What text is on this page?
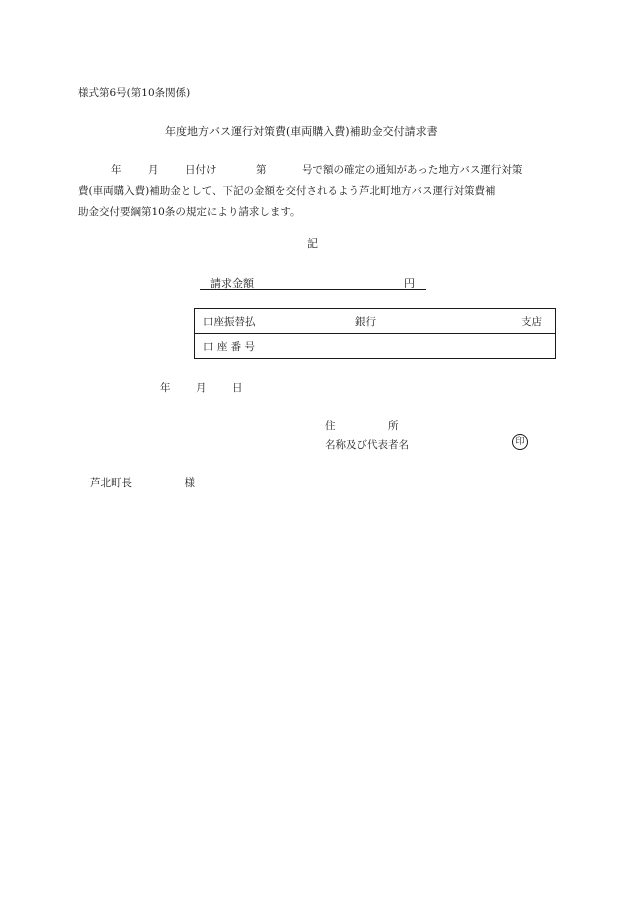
様式第6号(第10条関係)
年度地方バス運行対策費(車両購入費)補助金交付請求書
年	月	日付け	第	号で額の確定の通知があった地方バス運行対策
費(車両購入費)補助金として、下記の金額を交付されるよう芦北町地方バス運行対策費補
助金交付要綱第10条の規定により請求します。
記
請求金額	円
口座振替払	銀行	支店
口 座 番 号
年 月 日
住　　　　　所
名称及び代表者名	印
芦北町長　　　　　様
